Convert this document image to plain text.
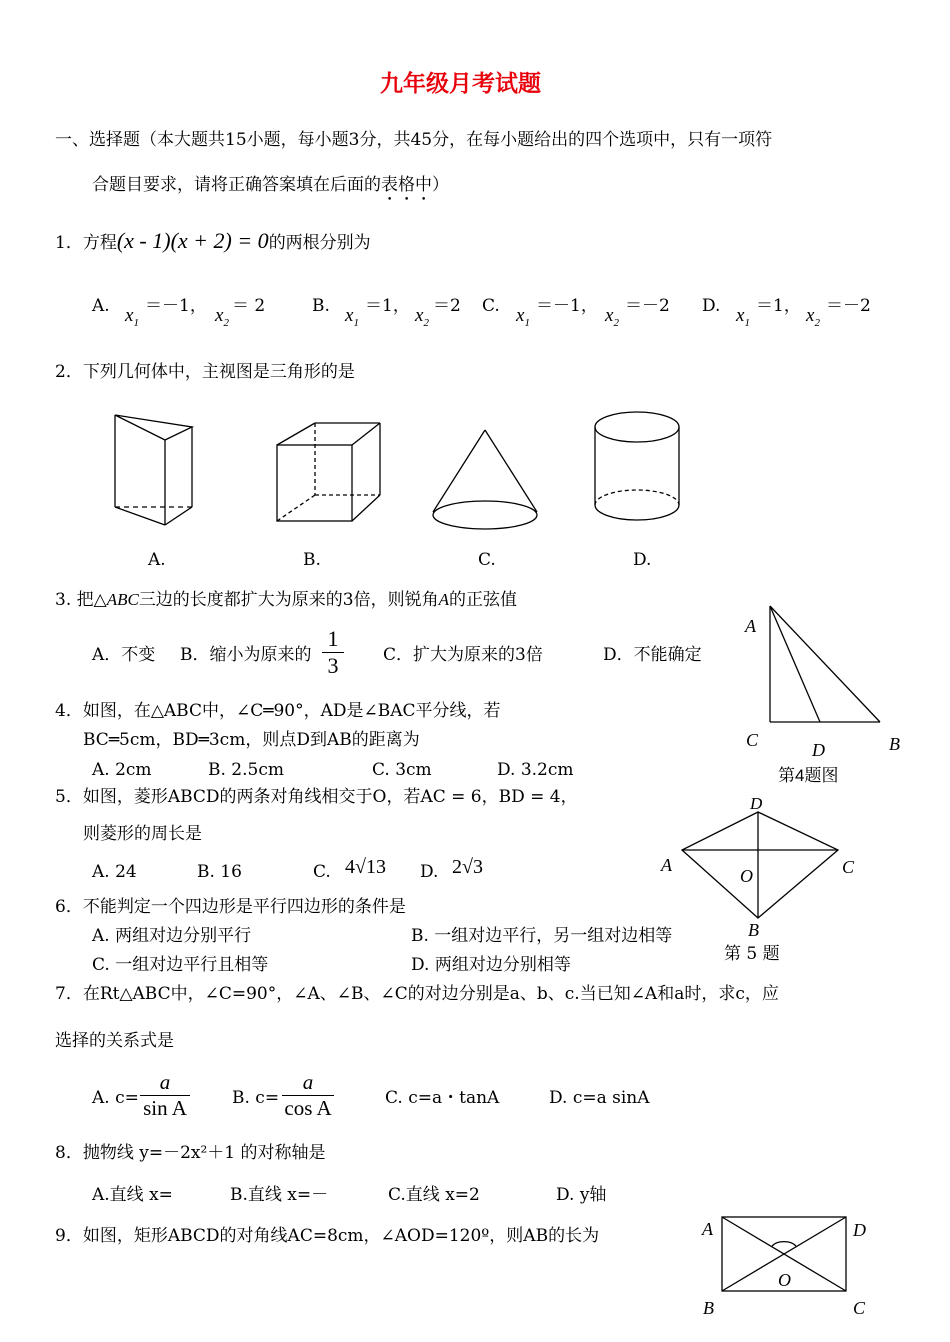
九年级月考试题
一、选择题（本大题共15小题，每小题3分，共45分，在每小题给出的四个选项中，只有一项符
合题目要求，请将正确答案填在后面的表格中）
1．方程(x - 1)(x + 2) = 0的两根分别为
A. $x_1$
＝－1， $x_2$
＝ 2	B. $x_1$
＝1， $x_2$
＝2 C. $x_1$
＝－1， $x_2$
＝－2 D. $x_1$
＝1， $x_2$
＝－2
2．下列几何体中，主视图是三角形的是
A.	B.	C.	D.
3. 把△ABC三边的长度都扩大为原来的3倍，则锐角A的正弦值
A．不变 B．缩小为原来的 $\frac{1}{3}$ C．扩大为原来的3倍	D．不能确定
A
C	D	B
第4题图
4．如图，在△ABC中，∠C═90°，AD是∠BAC平分线，若
BC═5cm，BD═3cm，则点D到AB的距离为
A. 2cm	B. 2.5cm	C. 3cm	D. 3.2cm
5．如图，菱形ABCD的两条对角线相交于O，若AC = 6，BD = 4，
则菱形的周长是
A. 24	B. 16	C. 4√13 D. 2√3
D
A
O	C
B
第 5 题
6．不能判定一个四边形是平行四边形的条件是
A. 两组对边分别平行	B. 一组对边平行，另一组对边相等
C. 一组对边平行且相等	D. 两组对边分别相等
7．在Rt△ABC中，∠C=90°，∠A、∠B、∠C的对边分别是a、b、c.当已知∠A和a时，求c，应
选择的关系式是
A. $c= \frac{a}{\text{sin A}} B$. $c= \frac{a}{\text{cos A}}$	C. c=a・tanA	D. c=a sinA
8．抛物线 y=－2x²＋1 的对称轴是
A.直线 x=	B.直线 x=－	C.直线 x=2	D. y轴
9．如图，矩形ABCD的对角线AC=8cm，∠AOD=120º，则AB的长为	A	D
O
B	C
